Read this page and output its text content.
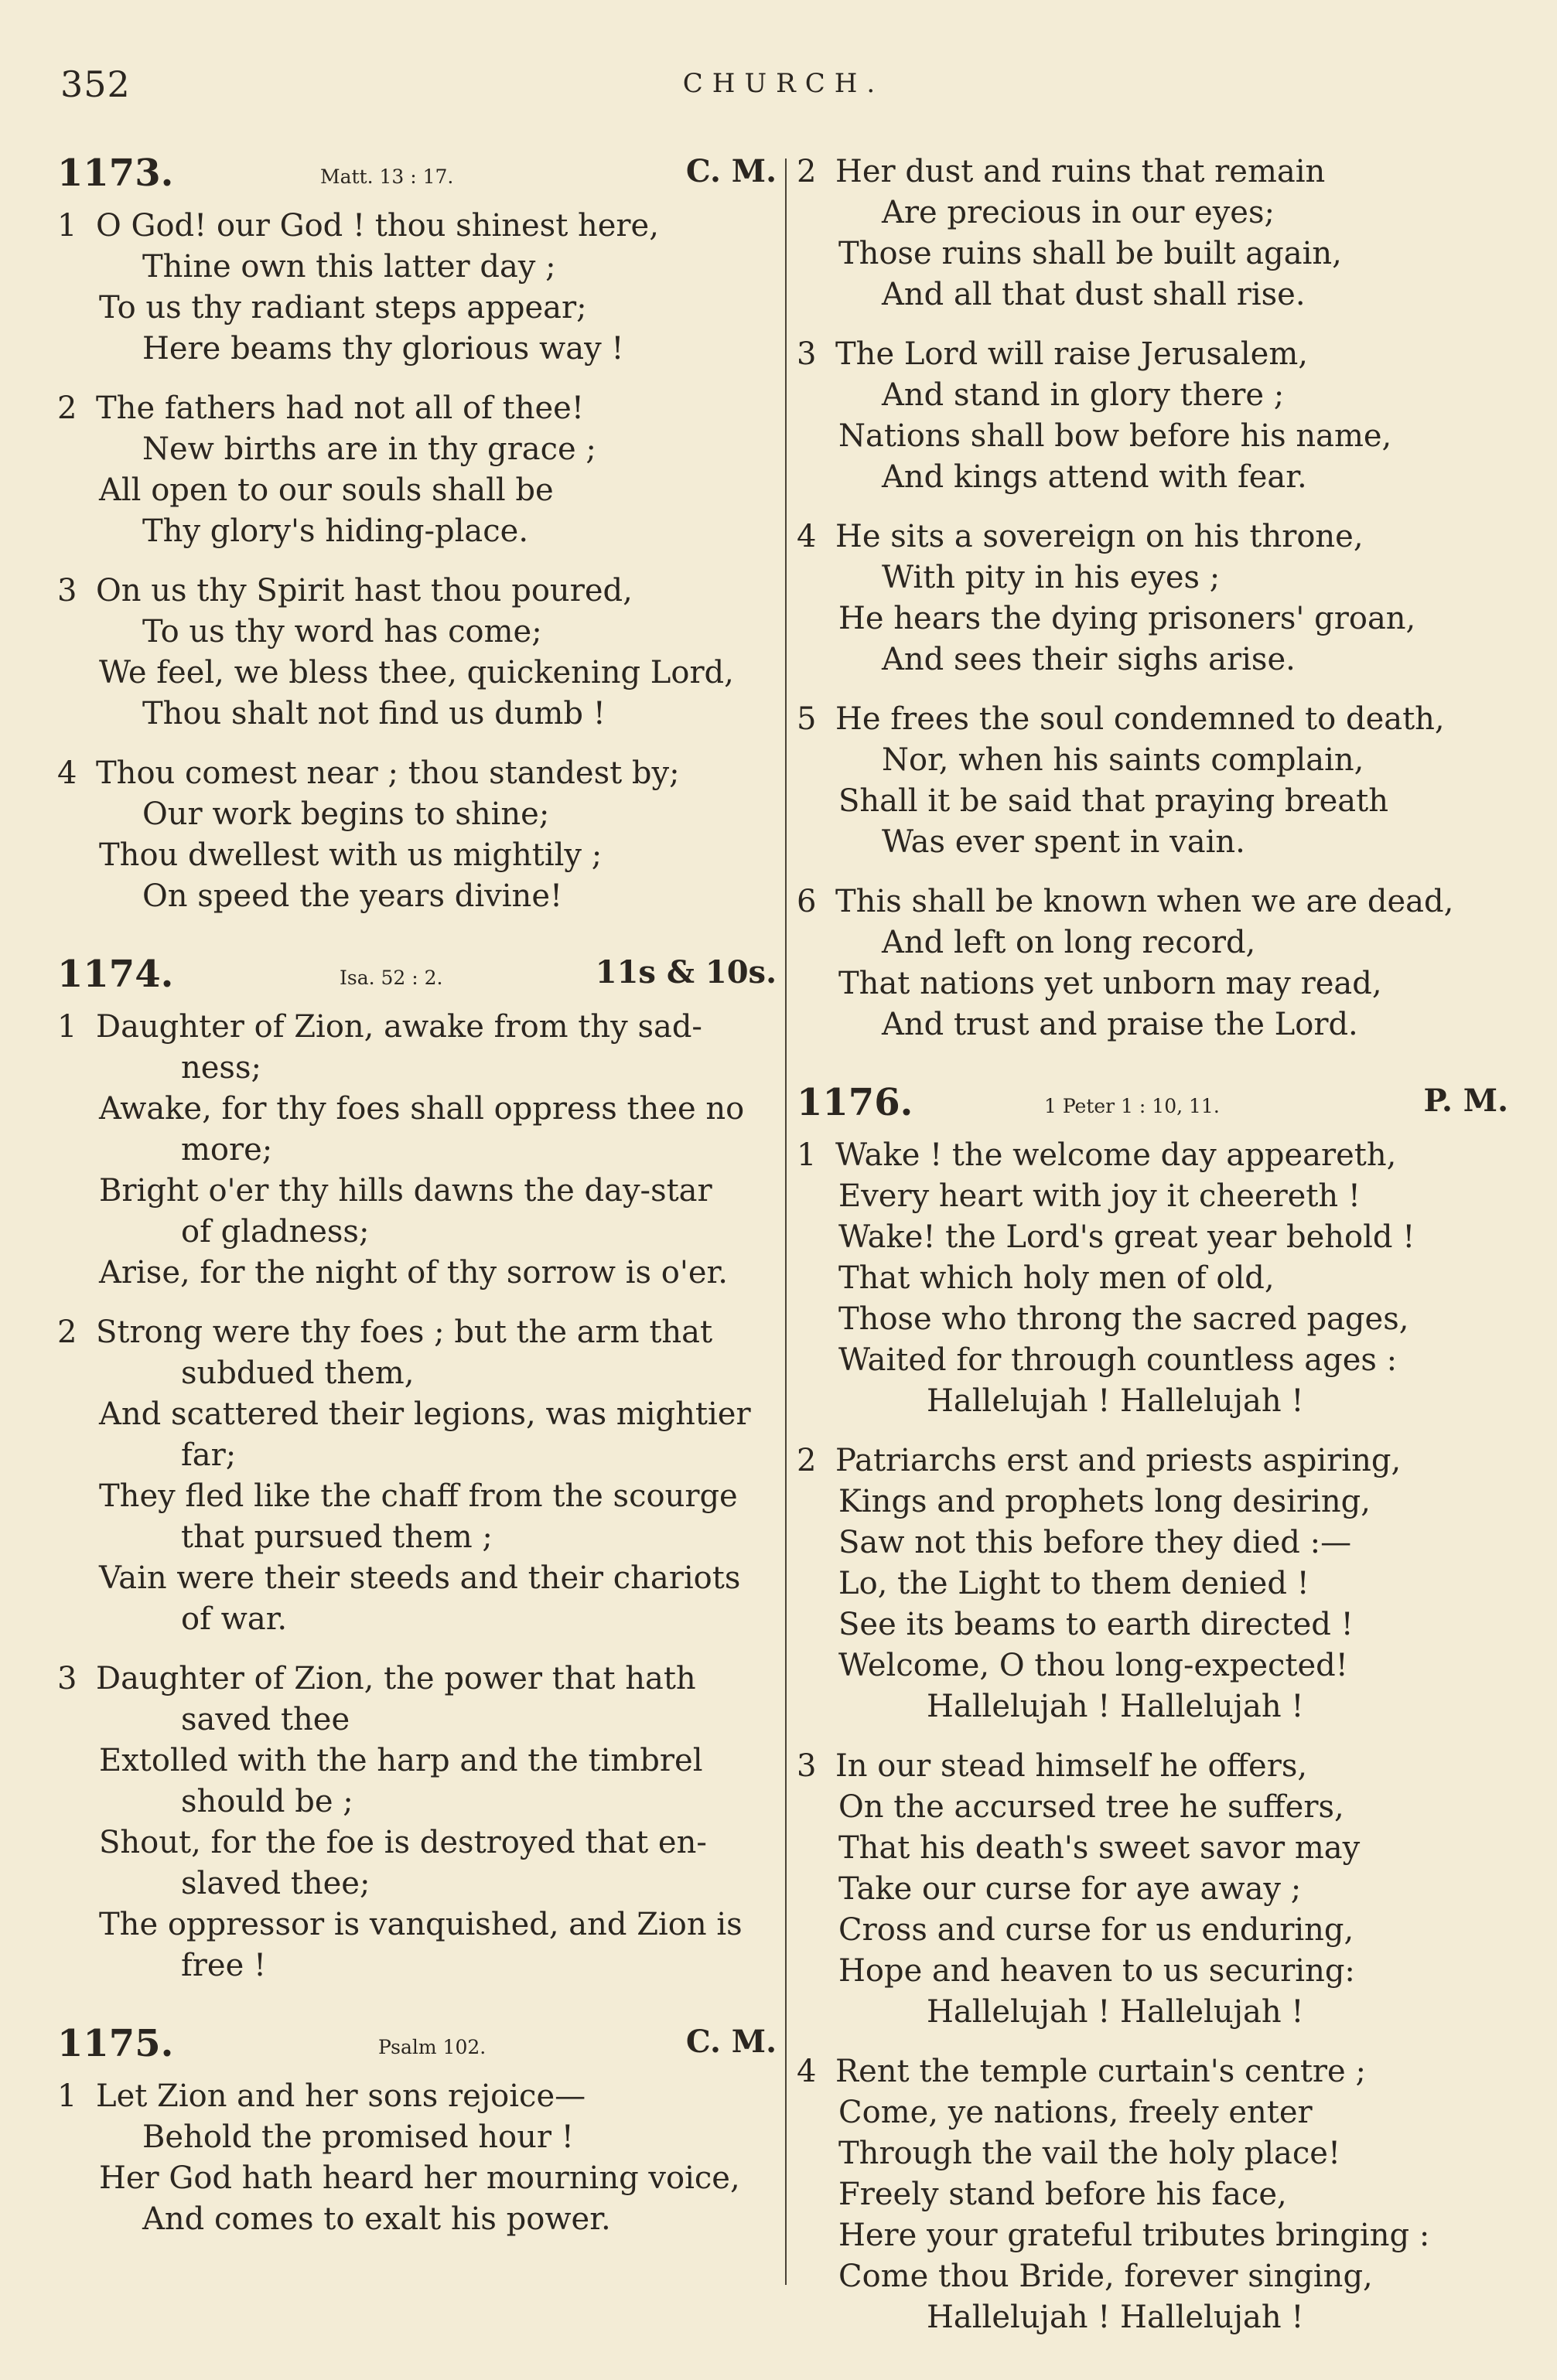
352	CHURCH.
1173.	Matt. 13 : 17.	C. M.
1 O God! our God ! thou shinest here,
Thine own this latter day ;
To us thy radiant steps appear;
Here beams thy glorious way !
2 The fathers had not all of thee!
New births are in thy grace ;
All open to our souls shall be
Thy glory's hiding-place.
3 On us thy Spirit hast thou poured,
To us thy word has come;
We feel, we bless thee, quickening Lord,
Thou shalt not find us dumb !
4 Thou comest near ; thou standest by;
Our work begins to shine;
Thou dwellest with us mightily ;
On speed the years divine!
1174.	Isa. 52 : 2.	11s & 10s.
1 Daughter of Zion, awake from thy sad-
ness;
Awake, for thy foes shall oppress thee no
more;
Bright o'er thy hills dawns the day-star
of gladness;
Arise, for the night of thy sorrow is o'er.
2 Strong were thy foes ; but the arm that
subdued them,
And scattered their legions, was mightier
far;
They fled like the chaff from the scourge
that pursued them ;
Vain were their steeds and their chariots
of war.
3 Daughter of Zion, the power that hath
saved thee
Extolled with the harp and the timbrel
should be ;
Shout, for the foe is destroyed that en-
slaved thee;
The oppressor is vanquished, and Zion is
free !
1175.	Psalm 102.	C. M.
1 Let Zion and her sons rejoice—
Behold the promised hour !
Her God hath heard her mourning voice,
And comes to exalt his power.
2 Her dust and ruins that remain
Are precious in our eyes;
Those ruins shall be built again,
And all that dust shall rise.
3 The Lord will raise Jerusalem,
And stand in glory there ;
Nations shall bow before his name,
And kings attend with fear.
4 He sits a sovereign on his throne,
With pity in his eyes ;
He hears the dying prisoners' groan,
And sees their sighs arise.
5 He frees the soul condemned to death,
Nor, when his saints complain,
Shall it be said that praying breath
Was ever spent in vain.
6 This shall be known when we are dead,
And left on long record,
That nations yet unborn may read,
And trust and praise the Lord.
1176.	1 Peter 1 : 10, 11.	P. M.
1 Wake ! the welcome day appeareth,
Every heart with joy it cheereth !
Wake! the Lord's great year behold !
That which holy men of old,
Those who throng the sacred pages,
Waited for through countless ages :
Hallelujah ! Hallelujah !
2 Patriarchs erst and priests aspiring,
Kings and prophets long desiring,
Saw not this before they died :—
Lo, the Light to them denied !
See its beams to earth directed !
Welcome, O thou long-expected!
Hallelujah ! Hallelujah !
3 In our stead himself he offers,
On the accursed tree he suffers,
That his death's sweet savor may
Take our curse for aye away ;
Cross and curse for us enduring,
Hope and heaven to us securing:
Hallelujah ! Hallelujah !
4 Rent the temple curtain's centre ;
Come, ye nations, freely enter
Through the vail the holy place!
Freely stand before his face,
Here your grateful tributes bringing :
Come thou Bride, forever singing,
Hallelujah ! Hallelujah !
